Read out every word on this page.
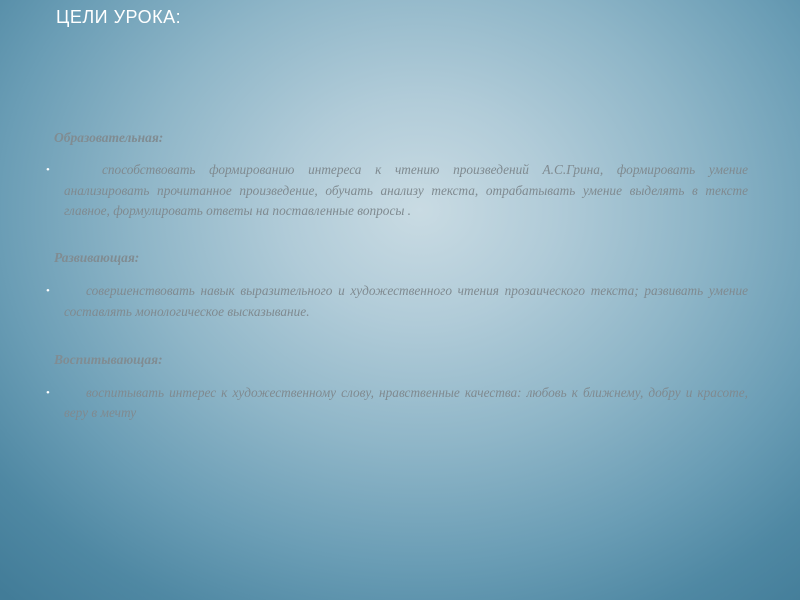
ЦЕЛИ УРОКА:

Образовательная:

•	способствовать формированию интереса к чтению произведений А.С.Грина, формировать умение анализировать прочитанное произведение, обучать анализу текста, отрабатывать умение выделять в тексте главное, формулировать ответы на поставленные вопросы .

Развивающая:

•	совершенствовать навык выразительного и художественного чтения прозаического текста; развивать умение составлять монологическое высказывание.

Воспитывающая:

•	воспитывать интерес к художественному слову, нравственные качества: любовь к ближнему, добру и красоте, веру в мечту
